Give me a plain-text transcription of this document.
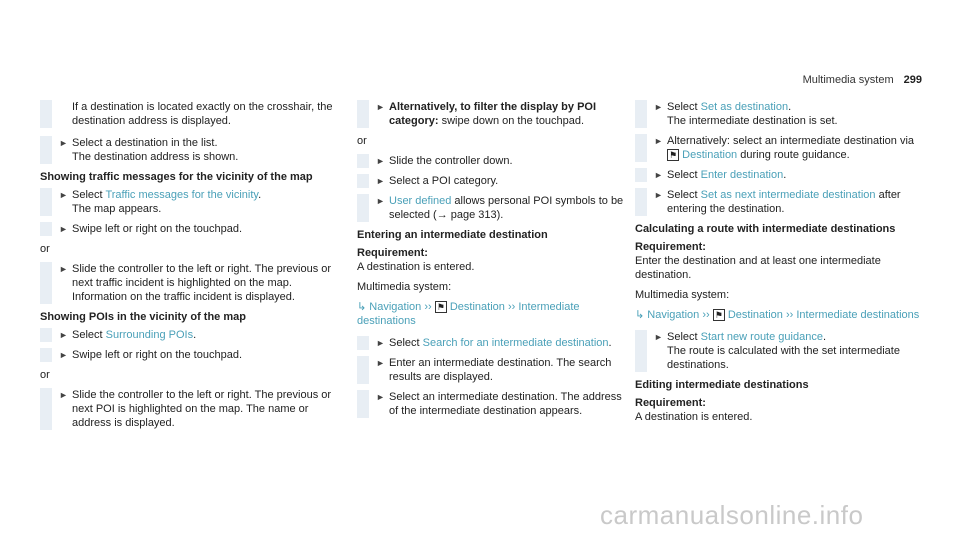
Multimedia system 299
If a destination is located exactly on the crosshair, the destination address is displayed.
► Select a destination in the list.
The destination address is shown.
Showing traffic messages for the vicinity of the map
► Select Traffic messages for the vicinity.
The map appears.
► Swipe left or right on the touchpad.
or
► Slide the controller to the left or right. The previous or next traffic incident is highlighted on the map. Information on the traffic incident is displayed.
Showing POIs in the vicinity of the map
► Select Surrounding POIs.
► Swipe left or right on the touchpad.
or
► Slide the controller to the left or right. The previous or next POI is highlighted on the map. The name or address is displayed.
► Alternatively, to filter the display by POI category: swipe down on the touchpad.
or
► Slide the controller down.
► Select a POI category.
► User defined allows personal POI symbols to be selected (→ page 313).
Entering an intermediate destination
Requirement:
A destination is entered.
Multimedia system:
↳ Navigation ›› ⚑ Destination ›› Intermediate destinations
► Select Search for an intermediate destination.
► Enter an intermediate destination. The search results are displayed.
► Select an intermediate destination. The address of the intermediate destination appears.
► Select Set as destination.
The intermediate destination is set.
► Alternatively: select an intermediate destination via ⚑ Destination during route guidance.
► Select Enter destination.
► Select Set as next intermediate destination after entering the destination.
Calculating a route with intermediate destinations
Requirement:
Enter the destination and at least one intermediate destination.
Multimedia system:
↳ Navigation ›› ⚑ Destination ›› Intermediate destinations
► Select Start new route guidance.
The route is calculated with the set intermediate destinations.
Editing intermediate destinations
Requirement:
A destination is entered.
carmanualsonline.info
